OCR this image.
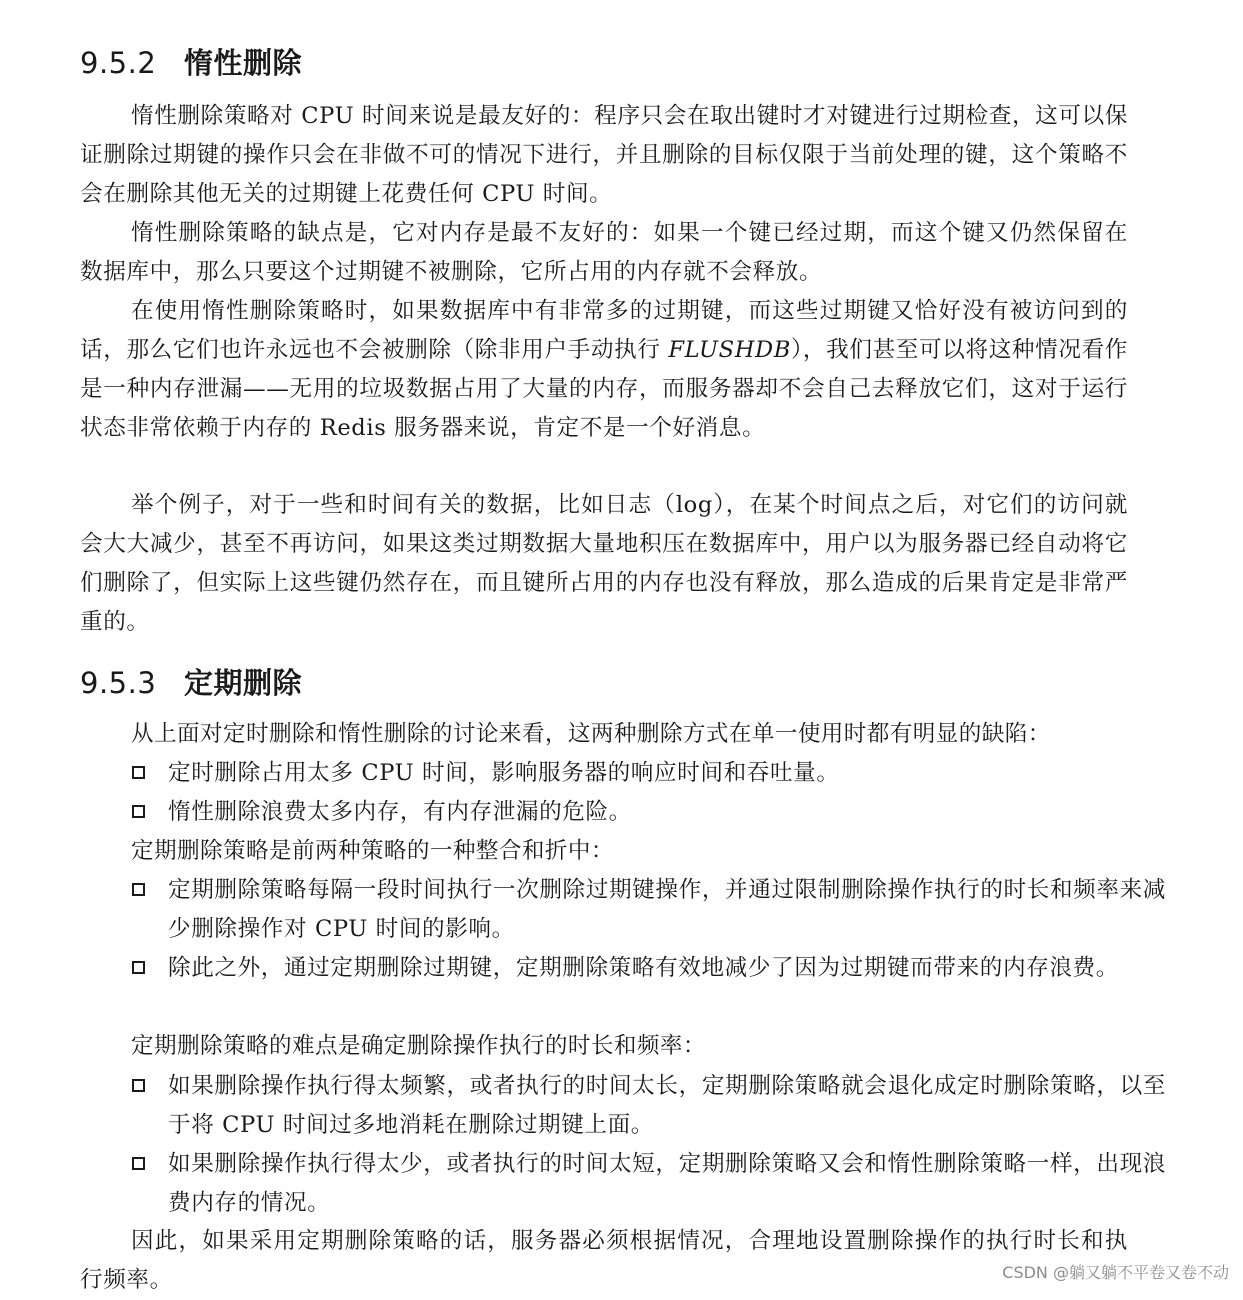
9.5.2 惰性删除

惰性删除策略对 CPU 时间来说是最友好的：程序只会在取出键时才对键进行过期检查，这可以保证删除过期键的操作只会在非做不可的情况下进行，并且删除的目标仅限于当前处理的键，这个策略不会在删除其他无关的过期键上花费任何 CPU 时间。

惰性删除策略的缺点是，它对内存是最不友好的：如果一个键已经过期，而这个键又仍然保留在数据库中，那么只要这个过期键不被删除，它所占用的内存就不会释放。

在使用惰性删除策略时，如果数据库中有非常多的过期键，而这些过期键又恰好没有被访问到的话，那么它们也许永远也不会被删除（除非用户手动执行 FLUSHDB），我们甚至可以将这种情况看作是一种内存泄漏——无用的垃圾数据占用了大量的内存，而服务器却不会自己去释放它们，这对于运行状态非常依赖于内存的 Redis 服务器来说，肯定不是一个好消息。

举个例子，对于一些和时间有关的数据，比如日志（log），在某个时间点之后，对它们的访问就会大大减少，甚至不再访问，如果这类过期数据大量地积压在数据库中，用户以为服务器已经自动将它们删除了，但实际上这些键仍然存在，而且键所占用的内存也没有释放，那么造成的后果肯定是非常严重的。

9.5.3 定期删除

从上面对定时删除和惰性删除的讨论来看，这两种删除方式在单一使用时都有明显的缺陷：

定时删除占用太多 CPU 时间，影响服务器的响应时间和吞吐量。

惰性删除浪费太多内存，有内存泄漏的危险。

定期删除策略是前两种策略的一种整合和折中：

定期删除策略每隔一段时间执行一次删除过期键操作，并通过限制删除操作执行的时长和频率来减少删除操作对 CPU 时间的影响。

除此之外，通过定期删除过期键，定期删除策略有效地减少了因为过期键而带来的内存浪费。

定期删除策略的难点是确定删除操作执行的时长和频率：

如果删除操作执行得太频繁，或者执行的时间太长，定期删除策略就会退化成定时删除策略，以至于将 CPU 时间过多地消耗在删除过期键上面。

如果删除操作执行得太少，或者执行的时间太短，定期删除策略又会和惰性删除策略一样，出现浪费内存的情况。

因此，如果采用定期删除策略的话，服务器必须根据情况，合理地设置删除操作的执行时长和执行频率。	CSDN @躺又躺不平卷又卷不动
